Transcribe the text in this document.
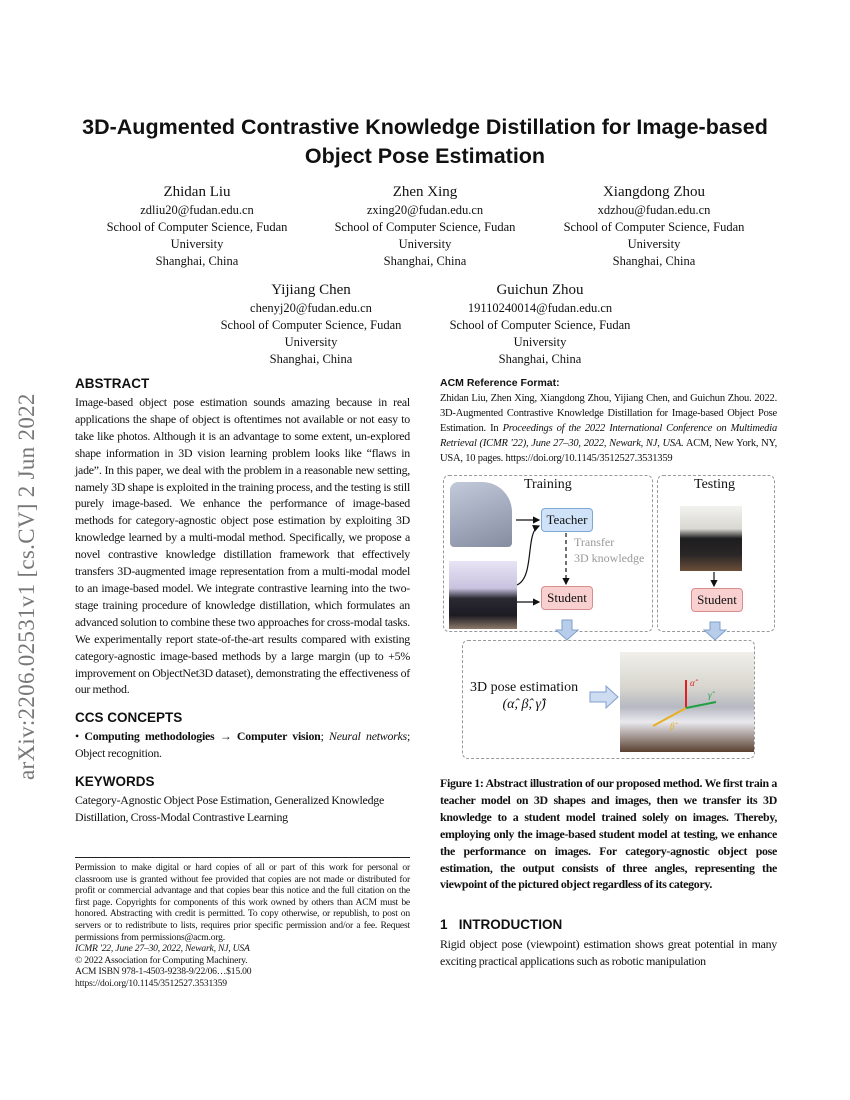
arXiv:2206.02531v1 [cs.CV] 2 Jun 2022
3D-Augmented Contrastive Knowledge Distillation for Image-based Object Pose Estimation
Zhidan Liu
zdliu20@fudan.edu.cn
School of Computer Science, Fudan University
Shanghai, China
Zhen Xing
zxing20@fudan.edu.cn
School of Computer Science, Fudan University
Shanghai, China
Xiangdong Zhou
xdzhou@fudan.edu.cn
School of Computer Science, Fudan University
Shanghai, China
Yijiang Chen
chenyj20@fudan.edu.cn
School of Computer Science, Fudan University
Shanghai, China
Guichun Zhou
19110240014@fudan.edu.cn
School of Computer Science, Fudan University
Shanghai, China
ABSTRACT
Image-based object pose estimation sounds amazing because in real applications the shape of object is oftentimes not available or not easy to take like photos. Although it is an advantage to some extent, un-explored shape information in 3D vision learning problem looks like “flaws in jade”. In this paper, we deal with the problem in a reasonable new setting, namely 3D shape is exploited in the training process, and the testing is still purely image-based. We enhance the performance of image-based methods for category-agnostic object pose estimation by exploiting 3D knowledge learned by a multi-modal method. Specifically, we propose a novel contrastive knowledge distillation framework that effectively transfers 3D-augmented image representation from a multi-modal model to an image-based model. We integrate contrastive learning into the two-stage training procedure of knowledge distillation, which formulates an advanced solution to combine these two approaches for cross-modal tasks. We experimentally report state-of-the-art results compared with existing category-agnostic image-based methods by a large margin (up to +5% improvement on ObjectNet3D dataset), demonstrating the effectiveness of our method.
CCS CONCEPTS
• Computing methodologies → Computer vision; Neural networks; Object recognition.
KEYWORDS
Category-Agnostic Object Pose Estimation, Generalized Knowledge Distillation, Cross-Modal Contrastive Learning
Permission to make digital or hard copies of all or part of this work for personal or classroom use is granted without fee provided that copies are not made or distributed for profit or commercial advantage and that copies bear this notice and the full citation on the first page. Copyrights for components of this work owned by others than ACM must be honored. Abstracting with credit is permitted. To copy otherwise, or republish, to post on servers or to redistribute to lists, requires prior specific permission and/or a fee. Request permissions from permissions@acm.org.
ICMR '22, June 27–30, 2022, Newark, NJ, USA
© 2022 Association for Computing Machinery.
ACM ISBN 978-1-4503-9238-9/22/06…$15.00
https://doi.org/10.1145/3512527.3531359
ACM Reference Format:
Zhidan Liu, Zhen Xing, Xiangdong Zhou, Yijiang Chen, and Guichun Zhou. 2022. 3D-Augmented Contrastive Knowledge Distillation for Image-based Object Pose Estimation. In Proceedings of the 2022 International Conference on Multimedia Retrieval (ICMR '22), June 27–30, 2022, Newark, NJ, USA. ACM, New York, NY, USA, 10 pages. https://doi.org/10.1145/3512527.3531359
Training	Testing
Teacher
Student	Student
Transfer
3D knowledge
3D pose estimation
(α̂, β̂, γ̂)
α̂
β̂
γ̂
Figure 1: Abstract illustration of our proposed method. We first train a teacher model on 3D shapes and images, then we transfer its 3D knowledge to a student model trained solely on images. Thereby, employing only the image-based student model at testing, we enhance the performance on images. For category-agnostic object pose estimation, the output consists of three angles, representing the viewpoint of the pictured object regardless of its category.
1   INTRODUCTION
Rigid object pose (viewpoint) estimation shows great potential in many exciting practical applications such as robotic manipulation
